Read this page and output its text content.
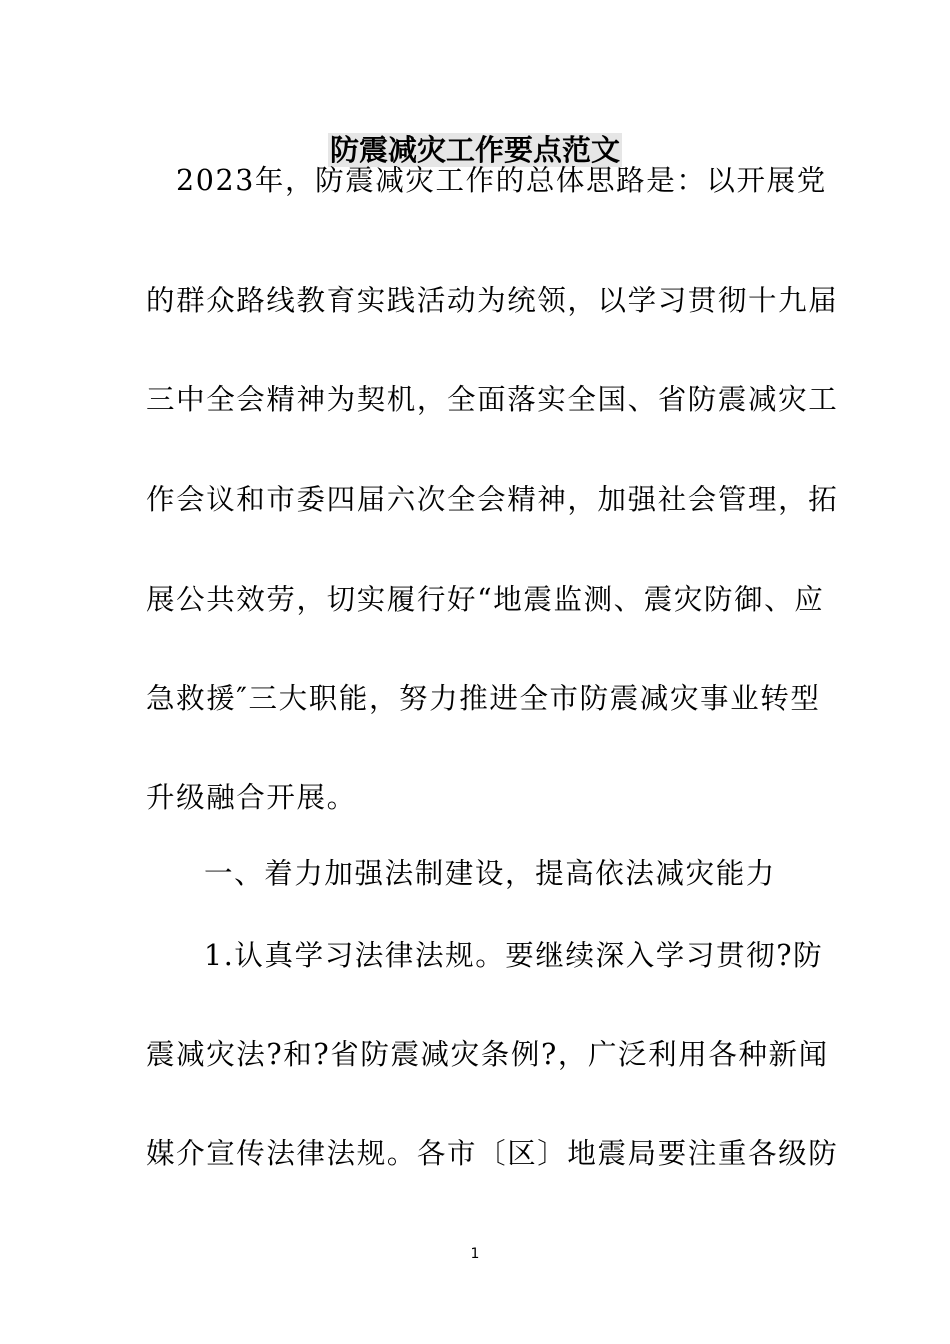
防震减灾工作要点范文
2023年，防震减灾工作的总体思路是：以开展党
的群众路线教育实践活动为统领，以学习贯彻十九届
三中全会精神为契机，全面落实全国、省防震减灾工
作会议和市委四届六次全会精神，加强社会管理，拓
展公共效劳，切实履行好“地震监测、震灾防御、应
急救援″三大职能，努力推进全市防震减灾事业转型
升级融合开展。
一、着力加强法制建设，提高依法减灾能力
1.认真学习法律法规。要继续深入学习贯彻?防
震减灾法?和?省防震减灾条例?，广泛利用各种新闻
媒介宣传法律法规。各市〔区〕地震局要注重各级防
1
